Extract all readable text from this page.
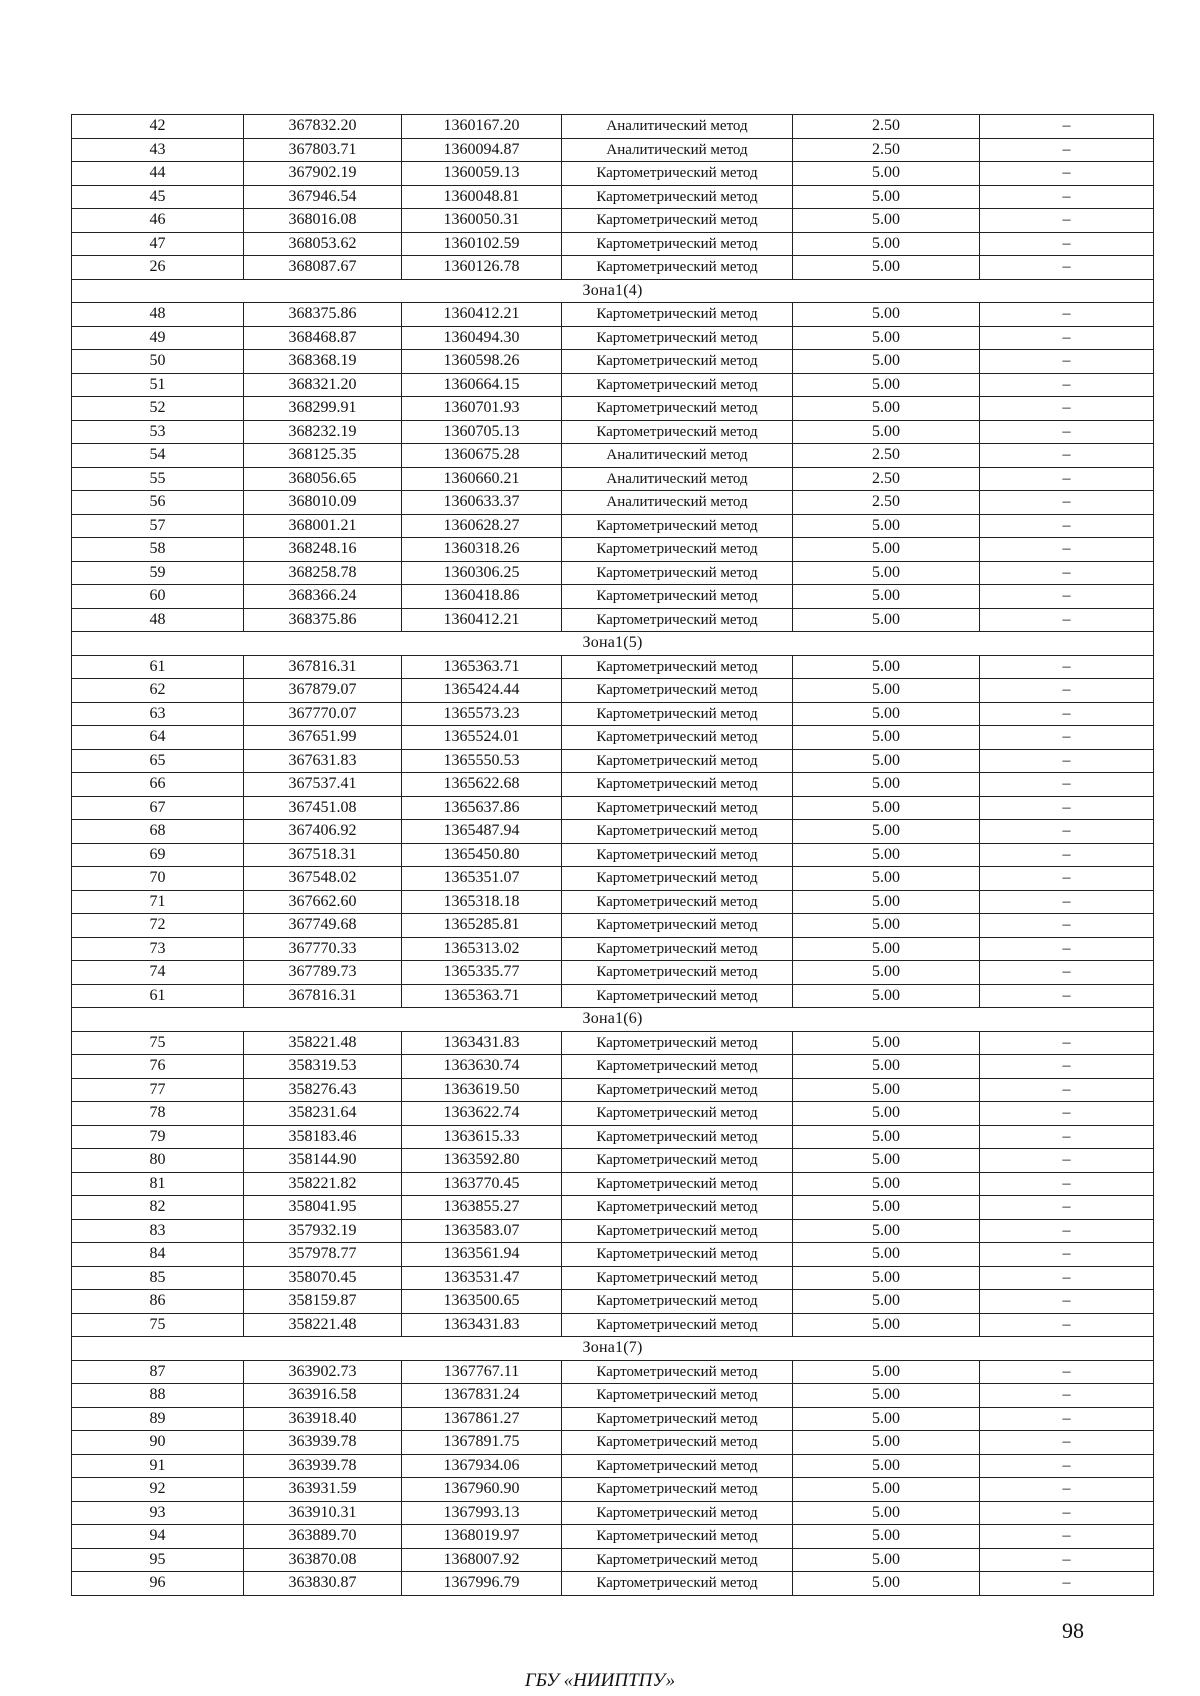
42	367832.20	1360167.20	Аналитический метод	2.50	–
43	367803.71	1360094.87	Аналитический метод	2.50	–
44	367902.19	1360059.13	Картометрический метод	5.00	–
45	367946.54	1360048.81	Картометрический метод	5.00	–
46	368016.08	1360050.31	Картометрический метод	5.00	–
47	368053.62	1360102.59	Картометрический метод	5.00	–
26	368087.67	1360126.78	Картометрический метод	5.00	–
Зона1(4)					
48	368375.86	1360412.21	Картометрический метод	5.00	–
49	368468.87	1360494.30	Картометрический метод	5.00	–
50	368368.19	1360598.26	Картометрический метод	5.00	–
51	368321.20	1360664.15	Картометрический метод	5.00	–
52	368299.91	1360701.93	Картометрический метод	5.00	–
53	368232.19	1360705.13	Картометрический метод	5.00	–
54	368125.35	1360675.28	Аналитический метод	2.50	–
55	368056.65	1360660.21	Аналитический метод	2.50	–
56	368010.09	1360633.37	Аналитический метод	2.50	–
57	368001.21	1360628.27	Картометрический метод	5.00	–
58	368248.16	1360318.26	Картометрический метод	5.00	–
59	368258.78	1360306.25	Картометрический метод	5.00	–
60	368366.24	1360418.86	Картометрический метод	5.00	–
48	368375.86	1360412.21	Картометрический метод	5.00	–
Зона1(5)					
61	367816.31	1365363.71	Картометрический метод	5.00	–
62	367879.07	1365424.44	Картометрический метод	5.00	–
63	367770.07	1365573.23	Картометрический метод	5.00	–
64	367651.99	1365524.01	Картометрический метод	5.00	–
65	367631.83	1365550.53	Картометрический метод	5.00	–
66	367537.41	1365622.68	Картометрический метод	5.00	–
67	367451.08	1365637.86	Картометрический метод	5.00	–
68	367406.92	1365487.94	Картометрический метод	5.00	–
69	367518.31	1365450.80	Картометрический метод	5.00	–
70	367548.02	1365351.07	Картометрический метод	5.00	–
71	367662.60	1365318.18	Картометрический метод	5.00	–
72	367749.68	1365285.81	Картометрический метод	5.00	–
73	367770.33	1365313.02	Картометрический метод	5.00	–
74	367789.73	1365335.77	Картометрический метод	5.00	–
61	367816.31	1365363.71	Картометрический метод	5.00	–
Зона1(6)					
75	358221.48	1363431.83	Картометрический метод	5.00	–
76	358319.53	1363630.74	Картометрический метод	5.00	–
77	358276.43	1363619.50	Картометрический метод	5.00	–
78	358231.64	1363622.74	Картометрический метод	5.00	–
79	358183.46	1363615.33	Картометрический метод	5.00	–
80	358144.90	1363592.80	Картометрический метод	5.00	–
81	358221.82	1363770.45	Картометрический метод	5.00	–
82	358041.95	1363855.27	Картометрический метод	5.00	–
83	357932.19	1363583.07	Картометрический метод	5.00	–
84	357978.77	1363561.94	Картометрический метод	5.00	–
85	358070.45	1363531.47	Картометрический метод	5.00	–
86	358159.87	1363500.65	Картометрический метод	5.00	–
75	358221.48	1363431.83	Картометрический метод	5.00	–
Зона1(7)					
87	363902.73	1367767.11	Картометрический метод	5.00	–
88	363916.58	1367831.24	Картометрический метод	5.00	–
89	363918.40	1367861.27	Картометрический метод	5.00	–
90	363939.78	1367891.75	Картометрический метод	5.00	–
91	363939.78	1367934.06	Картометрический метод	5.00	–
92	363931.59	1367960.90	Картометрический метод	5.00	–
93	363910.31	1367993.13	Картометрический метод	5.00	–
94	363889.70	1368019.97	Картометрический метод	5.00	–
95	363870.08	1368007.92	Картометрический метод	5.00	–
96	363830.87	1367996.79	Картометрический метод	5.00	–
98
ГБУ «НИИПТПУ»
